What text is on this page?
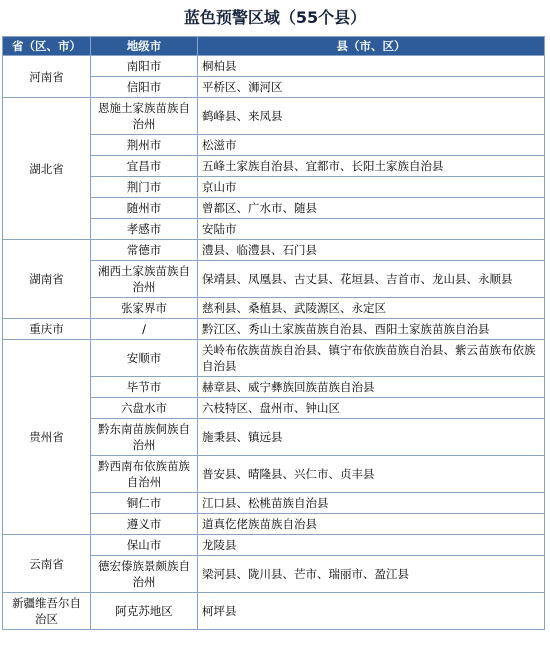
蓝色预警区域（55个县）
省（区、市）	地级市	县（市、区）
河南省	南阳市	桐柏县
	信阳市	平桥区、浉河区
湖北省	恩施土家族苗族自治州	鹤峰县、来凤县
	荆州市	松滋市
	宜昌市	五峰土家族自治县、宜都市、长阳土家族自治县
	荆门市	京山市
	随州市	曾都区、广水市、随县
	孝感市	安陆市
湖南省	常德市	澧县、临澧县、石门县
	湘西土家族苗族自治州	保靖县、凤凰县、古丈县、花垣县、吉首市、龙山县、永顺县
	张家界市	慈利县、桑植县、武陵源区、永定区
重庆市	/	黔江区、秀山土家族苗族自治县、酉阳土家族苗族自治县
贵州省	安顺市	关岭布依族苗族自治县、镇宁布依族苗族自治县、紫云苗族布依族自治县
	毕节市	赫章县、威宁彝族回族苗族自治县
	六盘水市	六枝特区、盘州市、钟山区
	黔东南苗族侗族自治州	施秉县、镇远县
	黔西南布依族苗族自治州	普安县、晴隆县、兴仁市、贞丰县
	铜仁市	江口县、松桃苗族自治县
	遵义市	道真仡佬族苗族自治县
云南省	保山市	龙陵县
	德宏傣族景颇族自治州	梁河县、陇川县、芒市、瑞丽市、盈江县
新疆维吾尔自治区	阿克苏地区	柯坪县
